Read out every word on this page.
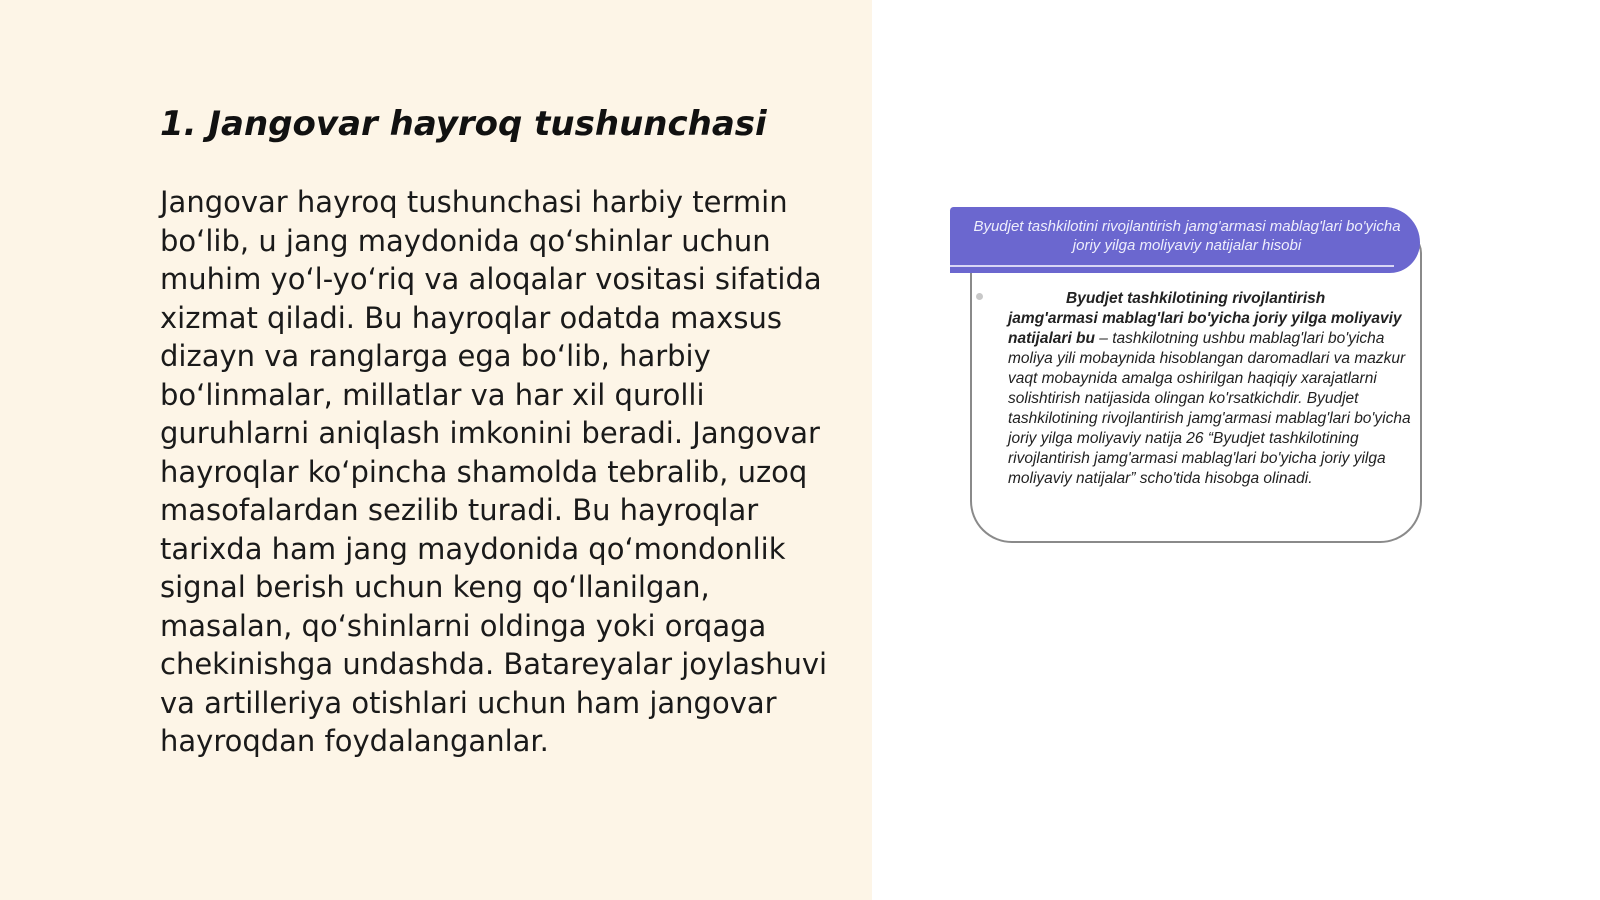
1. Jangovar hayroq tushunchasi

Jangovar hayroq tushunchasi harbiy termin boʻlib, u jang maydonida qoʻshinlar uchun muhim yoʻl-yoʻriq va aloqalar vositasi sifatida xizmat qiladi. Bu hayroqlar odatda maxsus dizayn va ranglarga ega boʻlib, harbiy boʻlinmalar, millatlar va har xil qurolli guruhlarni aniqlash imkonini beradi. Jangovar hayroqlar koʻpincha shamolda tebralib, uzoq masofalardan sezilib turadi. Bu hayroqlar tarixda ham jang maydonida qoʻmondonlik signal berish uchun keng qoʻllanilgan, masalan, qoʻshinlarni oldinga yoki orqaga chekinishga undashda. Batareyalar joylashuvi va artilleriya otishlari uchun ham jangovar hayroqdan foydalanganlar.

Byudjet tashkilotini rivojlantirish jamg'armasi mablag'lari bo'yicha joriy yilga moliyaviy natijalar hisobi

Byudjet tashkilotining rivojlantirish jamg'armasi mablag'lari bo'yicha joriy yilga moliyaviy natijalari bu – tashkilotning ushbu mablag'lari bo'yicha moliya yili mobaynida hisoblangan daromadlari va mazkur vaqt mobaynida amalga oshirilgan haqiqiy xarajatlarni solishtirish natijasida olingan ko'rsatkichdir. Byudjet tashkilotining rivojlantirish jamg'armasi mablag'lari bo'yicha joriy yilga moliyaviy natija 26 “Byudjet tashkilotining rivojlantirish jamg'armasi mablag'lari bo'yicha joriy yilga moliyaviy natijalar” scho'tida hisobga olinadi.
